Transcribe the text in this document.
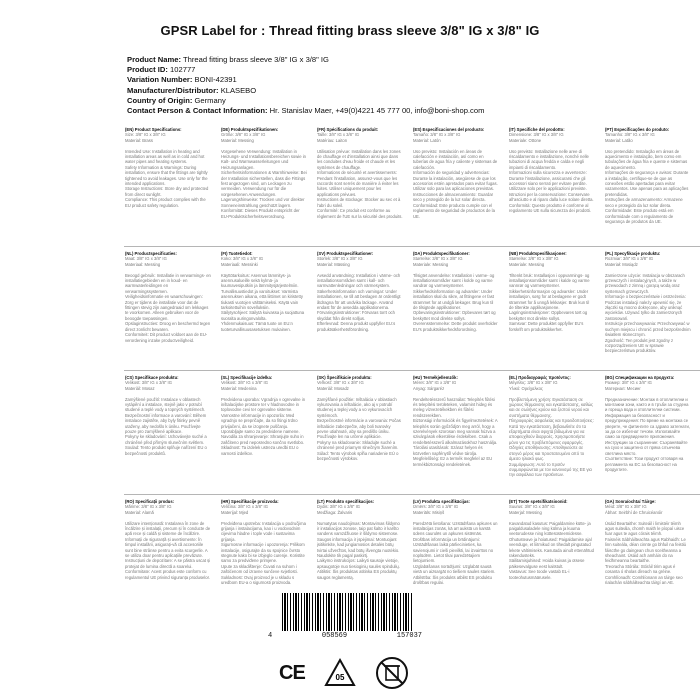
GPSR Label for : Thread fitting brass sleeve 3/8" IG x 3/8" IG
Product Name: Thread fitting brass sleeve 3/8" IG x 3/8" IG
Product ID: 102777
Variation Number: BONI-42391
Manufacturer/Distributor: KLASEBO
Country of Origin: Germany
Contact Person & Contact Information: Hr. Stanislav Maer, +49(0)4221 45 777 00, info@boni-shop.com
(EN) Product Specifications:
Size: 3/8" IG x 3/8" IG
Material: Brass

Intended Use: Installation in heating and installation areas as well as in cold and hot water pipes and heating systems.
Safety Information & Warnings: During installation, ensure that the fittings are tightly tightened to avoid leakages. Use only for the intended applications.
Storage Instructions: Store dry and protected from direct sunlight.
Compliance: This product complies with the EU product safety regulation.
(DE) Produktspezifikationen:
Größe: 3/8" IG x 3/8" IG
Material: Messing

Vorgesehene Verwendung: Installation in Heizungs- und Installationsbereichen sowie in Kalt- und Warmwasserleitungen und Heizungsanlagen.
Sicherheitsinformationen & Warnhinweise: Bei der Installation sicherstellen, dass die Fittings fest angezogen sind, um Leckagen zu vermeiden. Verwendung nur für die vorgesehenen Anwendungen.
Lagerungshinweise: Trocken und vor direkter Sonneneinstrahlung geschützt lagern.
Konformität: Dieses Produkt entspricht der EU-Produktsicherheitsverordnung.
(FR) Spécifications du produit:
Taille: 3/8" IG x 3/8" IG
Matériau: Laiton

Utilisation prévue: Installation dans les zones de chauffage et d'installation ainsi que dans les conduites d'eau froide et chaude et les systèmes de chauffage.
Informations de sécurité et avertissements: Pendant l'installation, assurez-vous que les raccords sont serrés de manière à éviter les fuites. Utiliser uniquement pour les applications prévues.
Instructions de stockage: Stocker au sec et à l'abri du soleil.
Conformité: Ce produit est conforme au règlement de l'UE sur la sécurité des produits.
(ES) Especificaciones del producto:
Tamaño: 3/8" IG x 3/8" IG
Material: Latón

Uso previsto: Instalación en áreas de calefacción e instalación, así como en tuberías de agua fría y caliente y sistemas de calefacción.
Información de seguridad y advertencias: Durante la instalación, asegúrese de que los accesorios estén apretados para evitar fugas. Utilizar solo para las aplicaciones previstas.
Instrucciones de almacenamiento: Guardar seco y protegido de la luz solar directa.
Conformidad: Este producto cumple con el reglamento de seguridad de productos de la UE.
(IT) Specifiche del prodotto:
Dimensione: 3/8" IG x 3/8" IG
Materiale: Ottone

Uso previsto: Installazione nelle aree di riscaldamento e installazione, nonché nelle tubazioni di acqua fredda e calda e negli impianti di riscaldamento.
Informazioni sulla sicurezza e avvertenze: Durante l'installazione, assicurarsi che gli accessori siano serrati per evitare perdite. Utilizzare solo per le applicazioni previste.
Istruzioni per la conservazione: Conservare all'asciutto e al riparo dalla luce solare diretta.
Conformità: Questo prodotto è conforme al regolamento UE sulla sicurezza dei prodotti.
(PT) Especificações do produto:
Tamanho: 3/8" IG x 3/8" IG
Material: Latão

Uso pretendido: Instalação em áreas de aquecimento e instalação, bem como em tubulações de água fria e quente e sistemas de aquecimento.
Informações de segurança e avisos: Durante a instalação, certifique-se de que as conexões estão apertadas para evitar vazamentos. Use apenas para as aplicações pretendidas.
Instruções de armazenamento: Armazene seco e protegido da luz solar direta.
Conformidade: Este produto está em conformidade com o regulamento de segurança de produtos da UE.
(NL) Productspecificaties:
Maat: 3/8" IG x 3/8" IG
Materiaal: Messing

Beoogd gebruik: Installatie in verwarmings- en installatiegebieden en in koud- en warmwaterleidingen en verwarmingssystemen.
Veiligheidsinformatie en waarschuwingen: Zorg er tijdens de installatie voor dat de fittingen stevig zijn aangedraaid om lekkages te voorkomen. Alleen gebruiken voor de beoogde toepassingen.
Opslaginstructies: Droog en beschermd tegen direct zonlicht bewaren.
Conformiteit: Dit product voldoet aan de EU-verordening inzake productveiligheid.
(FI) Tuotetiedot:
Koko: 3/8" IG x 3/8" IG
Materiaali: Messinki

Käyttötarkoitus: Asennus lämmitys- ja asennusalueille sekä kylmä- ja kuumavesiputkiin ja lämmitysjärjestelmiin.
Turvallisuustiedot ja varoitukset: Varmista asennuksen aikana, että liittimet on kiristetty tiukasti vuotojen välttämiseksi. Käytä vain tarkoitettuihin sovelluksiin.
Säilytysohjeet: Säilytä kuivassa ja suojattuna suoralta auringonvalolta.
Yhdenmukaisuus: Tämä tuote on EU:n tuoteturvallisuusasetuksen mukainen.
(SV) Produktspecifikationer:
Storlek: 3/8" IG x 3/8" IG
Material: Mässing

Avsedd användning: Installation i värme- och installationsområden samt i kall- och varmvattenledningar och värmesystem.
Säkerhetsinformation och varningar: Under installationen, se till att beslagen är ordentligt åtdragna för att undvika läckage. Använd endast för de avsedda applikationerna.
Förvaringsinstruktioner: Förvaras torrt och skyddat från direkt solljus.
Efterlevnad: Denna produkt uppfyller EU:s produktsäkerhetsförordning.
(DA) Produktspecifikationer:
Størrelse: 3/8" IG x 3/8" IG
Materiale: Messing

Tilsigtet anvendelse: Installation i varme- og installationsområder samt i kolde og varme vandrør og varmesystemer.
Sikkerhedsinformation og advarsler: Under installation skal du sikre, at fittingene er fast strammet for at undgå lækager. Brug kun til de tilsigtede applikationer.
Opbevaringsinstruktioner: Opbevares tørt og beskyttet mod direkte sollys.
Overensstemmelse: Dette produkt overholder EU's produktsikkerhedsforordning.
(NB) Produktspesifikasjoner:
Størrelse: 3/8" IG x 3/8" IG
Materiale: Messing

Tiltenkt bruk: Installasjon i oppvarmings- og installasjonsområder samt i kalde og varme vannrør og varmesystemer.
Sikkerhetsinformasjon og advarsler: Under installasjon, sørg for at beslagene er godt strammet for å unngå lekkasjer. Bruk kun til de tiltenkte applikasjonene.
Lagringsinstruksjoner: Oppbevares tørt og beskyttet mot direkte sollys.
Samsvar: Dette produktet oppfyller EU's forskrift om produktsikkerhet.
(PL) Specyfikacje produktu:
Rozmiar: 3/8" IG x 3/8" IG
Materiał: Mosiądz

Zamierzone użycie: Instalacja w obszarach grzewczych i instalacyjnych, a także w przewodach z zimną i gorącą wodą oraz systemach grzewczych.
Informacje o bezpieczeństwie i ostrzeżenia: Podczas instalacji należy upewnić się, że złączki są mocno dokręcone, aby uniknąć wycieków. Używać tylko do zamierzonych zastosowań.
Instrukcje przechowywania: Przechowywać w suchym miejscu i chronić przed bezpośrednim światłem słonecznym.
Zgodność: Ten produkt jest zgodny z rozporządzeniem UE w sprawie bezpieczeństwa produktów.
(CS) Specifikace produktu:
Velikost: 3/8" IG x 3/8" IG
Materiál: Mosaz

Zamýšlené použití: Instalace v oblastech vytápění a instalace, stejně jako v potrubí studené a teplé vody a topných systémech.
Bezpečnostní informace a varování: Během instalace zajistěte, aby byly fitinky pevně utaženy, aby nedošlo k úniku. Používejte pouze pro zamýšlené aplikace.
Pokyny ke skladování: Uchovávejte suché a chráněné před přímým slunečním světlem.
Soulad: Tento produkt splňuje nařízení EU o bezpečnosti produktů.
(SL) Specifikacije izdelka:
Velikost: 3/8" IG x 3/8" IG
Material: Medenina

Predvidena uporaba: Vgradnja v ogrevalne in inštalacijske prostore ter v hladnovodne in toplovodne cevi ter ogrevalne sisteme.
Varnostne informacije in opozorila: Med vgradnjo se prepričajte, da so fitingi trdno privijačeni, da se izognete puščanju. Uporabljajte samo za predvidene namene.
Navodila za shranjevanje: Shranjujte suho in zaščiteno pred neposredno sončno svetlobo.
Skladnost: Ta izdelek ustreza uredbi EU o varnosti izdelkov.
(SK) Špecifikácie produktu:
Veľkosť: 3/8" IG x 3/8" IG
Materiál: Mosadz

Zamýšľané použitie: Inštalácia v oblastiach vykurovania a inštalácie, ako aj v potrubí studenej a teplej vody a vo vykurovacích systémoch.
Bezpečnostné informácie a varovania: Počas inštalácie zabezpečte, aby boli tvarovky pevne utiahnuté, aby sa predišlo úniku. Používajte len na určené aplikácie.
Pokyny na skladovanie: Skladujte suché a chránené pred priamym slnečným žiarením.
Súlad: Tento výrobok spĺňa nariadenie EÚ o bezpečnosti výrobkov.
(HU) Termékjellemzők:
Méret: 3/8" IG x 3/8" IG
Anyag: Sárgaréz

Rendeltetésszerű használat: Telepítés fűtési és telepítési területeken, valamint hideg és meleg vízvezetékekben és fűtési rendszerekben.
Biztonsági információk és figyelmeztetések: A telepítés során győződjön meg arról, hogy a szerelvények szorosan meg vannak húzva a szivárgások elkerülése érdekében. Csak a rendeltetésszerű alkalmazásokhoz használja.
Tárolási utasítások: Száraz helyen és közvetlen napfénytől védve tárolja.
Megfelelőség: Ez a termék megfelel az EU termékbiztonsági rendeletének.
(EL) Προδιαγραφές προϊόντος:
Μέγεθος: 3/8" IG x 3/8" IG
Υλικό: Ορείχαλκος

Προβλεπόμενη χρήση: Εγκατάσταση σε χώρους θέρμανσης και εγκατάστασης, καθώς και σε σωλήνες κρύου και ζεστού νερού και συστήματα θέρμανσης.
Πληροφορίες ασφαλείας και προειδοποιήσεις: Κατά την εγκατάσταση, βεβαιωθείτε ότι τα εξαρτήματα είναι σφιχτά βιδωμένα για να αποφευχθούν διαρροές. Χρησιμοποιήστε μόνο για τις προβλεπόμενες εφαρμογές.
Οδηγίες αποθήκευσης: Αποθηκεύστε σε στεγνό μέρος και προστατευμένο από το άμεσο ηλιακό φως.
Συμμόρφωση: Αυτό το προϊόν συμμορφώνεται με τον κανονισμό της ΕΕ για την ασφάλεια των προϊόντων.
(BG) Спецификации на продукта:
Размер: 3/8" IG x 3/8" IG
Материал: Месинг

Предназначение: Монтаж в отоплителни и монтажни зони, както и в тръби за студена и гореща вода и отоплителни системи.
Информация за безопасност и предупреждения: По време на монтажа се уверете, че фитингите са здраво затегнати, за да се избегнат течове. Използвайте само за предвидените приложения.
Инструкции за съхранение: Съхранявайте на сухо и защитено от пряка слънчева светлина място.
Съответствие: Този продукт отговаря на регламента на ЕС за безопасност на продуктите.
(RO) Specificații produs:
Mărime: 3/8" IG x 3/8" IG
Material: Alamă

Utilizare intenționată: Instalarea în zone de încălzire și instalații, precum și în conducte de apă rece și caldă și sisteme de încălzire.
Informații de siguranță și avertismente: În timpul instalării, asigurați-vă că accesoriile sunt bine strânse pentru a evita scurgerile. A se utiliza doar pentru aplicațiile prevăzute.
Instrucțiuni de depozitare: A se păstra uscat și protejat de lumina directă a soarelui.
Conformitate: Acest produs este conform cu regulamentul UE privind siguranța produselor.
(HR) Specifikacije proizvoda:
Veličina: 3/8" IG x 3/8" IG
Materijal: Mjed

Predviđena upotreba: Instalacija u područjima grijanja i instalacijama, kao i u vodovodnim cijevima hladne i tople vode i sustavima grijanja.
Sigurnosne informacije i upozorenja: Prilikom instalacije, osigurajte da su spojnice čvrsto stegnute kako bi se izbjeglo curenje. Koristite samo za predviđene primjene.
Upute za skladištenje: Čuvati na suhom i zaštićenom od izravne sunčeve svjetlosti.
Sukladnost: Ovaj proizvod je u skladu s uredbom EU-a o sigurnosti proizvoda.
(LT) Produkto specifikacijos:
Dydis: 3/8" IG x 3/8" IG
Medžiaga: Žalvaris

Numatytas naudojimas: Montavimas šildymo ir instaliacijos zonose, taip pat šalto ir karšto vandens vamzdžiuose ir šildymo sistemose.
Saugos informacija ir įspėjimai: Montuojant įsitikinkite, kad jungiamosios detalės būtų tvirtai užveržtos, kad būtų išvengta nuotėkio. Naudokite tik pagal paskirtį.
Laikymo instrukcijos: Laikyti sausoje vietoje, apsaugotoje nuo tiesioginių saulės spindulių.
Atitiktis: Šis produktas atitinka ES produktų saugos reglamentą.
(LV) Produkta specifikācijas:
Izmērs: 3/8" IG x 3/8" IG
Materiāls: Misiņš

Paredzētā lietošana: Uzstādīšana apkures un instalācijas zonās, kā arī aukstā un karstā ūdens caurulēs un apkures sistēmās.
Drošības informācija un brīdinājumi: Uzstādīšanas laikā pārliecinieties, ka savienojumi ir cieši pievilkti, lai izvairītos no noplūdēm. Lietot tikai paredzētajiem lietojumiem.
Uzglabāšanas norādījumi: Uzglabāt sausā vietā un aizsargāt no tiešiem saules stariem.
Atbilstība: Šis produkts atbilst ES produktu drošības regulai.
(ET) Toote spetsifikatsioonid:
Suurus: 3/8" IG x 3/8" IG
Materjal: Messing

Kavandatud kasutus: Paigaldamine kütte- ja paigaldusaladele ning külma ja kuuma veetorudesse ning küttesüsteemidesse.
Ohutusteave ja hoiatused: Paigaldamise ajal veenduge, et liitmikud on tihedalt pingutatud lekete vältimiseks. Kasutada ainult ettenähtud rakendusteks.
Säilitamisjuhised: Hoida kuivas ja otsese päikesevalguse eest kaitstult.
Vastavus: See toode vastab EL-i tooteohutusmäärusele.
(GA) Sonraíochtaí Táirge:
Méid: 3/8" IG x 3/8" IG
Ábhar: Seirbhí de Chruicéanóir

Úsáid Beartaithe: Suiteáil i limistéir téimh agus suiteála, chomh maith le píopaí uisce fuar agus te agus córais téimh.
Faisnéis Sábháilteachta agus Rabhaidh: Le linn suiteála, déan cinnte go bhfuil na feistiú fáiscthe go daingean chun sceitheanna a sheachaint. Úsáid ach amháin do na feidhmeanna beartaithe.
Treoracha Stórála: Stóráil tirim agus é cosanta ó sholas díreach na gréine.
Comhlíonadh: Comhlíonann an táirge seo rialachán sábháilteachta táirgí an AE.
4	058569	157037
CE	05
